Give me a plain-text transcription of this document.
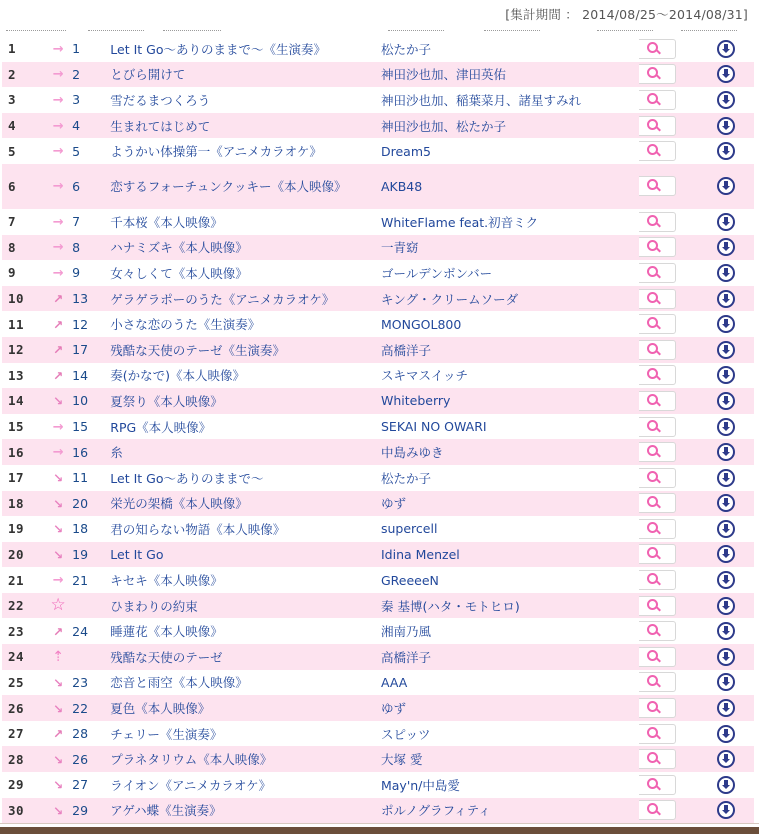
[集計期間 ： 2014/08/25～2014/08/31]
1	→	1	Let It Go～ありのままで～《生演奏》	松たか子	

2	→	2	とびら開けて	神田沙也加、津田英佑	

3	→	3	雪だるまつくろう	神田沙也加、稲葉菜月、諸星すみれ	

4	→	4	生まれてはじめて	神田沙也加、松たか子	

5	→	5	ようかい体操第一《アニメカラオケ》	Dream5	

6	→	6	恋するフォーチュンクッキー《本人映像》	AKB48	

7	→	7	千本桜《本人映像》	WhiteFlame feat.初音ミク	

8	→	8	ハナミズキ《本人映像》	一青窈	

9	→	9	女々しくて《本人映像》	ゴールデンボンバー	

10	↗	13	ゲラゲラポーのうた《アニメカラオケ》	キング・クリームソーダ	

11	↗	12	小さな恋のうた《生演奏》	MONGOL800	

12	↗	17	残酷な天使のテーゼ《生演奏》	高橋洋子	

13	↗	14	奏(かなで)《本人映像》	スキマスイッチ	

14	↘	10	夏祭り《本人映像》	Whiteberry	

15	→	15	RPG《本人映像》	SEKAI NO OWARI	

16	→	16	糸	中島みゆき	

17	↘	11	Let It Go～ありのままで～	松たか子	

18	↘	20	栄光の架橋《本人映像》	ゆず	

19	↘	18	君の知らない物語《本人映像》	supercell	

20	↘	19	Let It Go	Idina Menzel	

21	→	21	キセキ《本人映像》	GReeeeN	

22	☆		ひまわりの約束	秦 基博(ハタ・モトヒロ)	

23	↗	24	睡蓮花《本人映像》	湘南乃風	

24	⇡		残酷な天使のテーゼ	高橋洋子	

25	↘	23	恋音と雨空《本人映像》	AAA	

26	↘	22	夏色《本人映像》	ゆず	

27	↗	28	チェリー《生演奏》	スピッツ	

28	↘	26	プラネタリウム《本人映像》	大塚 愛	

29	↘	27	ライオン《アニメカラオケ》	May'n/中島愛	

30	↘	29	アゲハ蝶《生演奏》	ポルノグラフィティ	
